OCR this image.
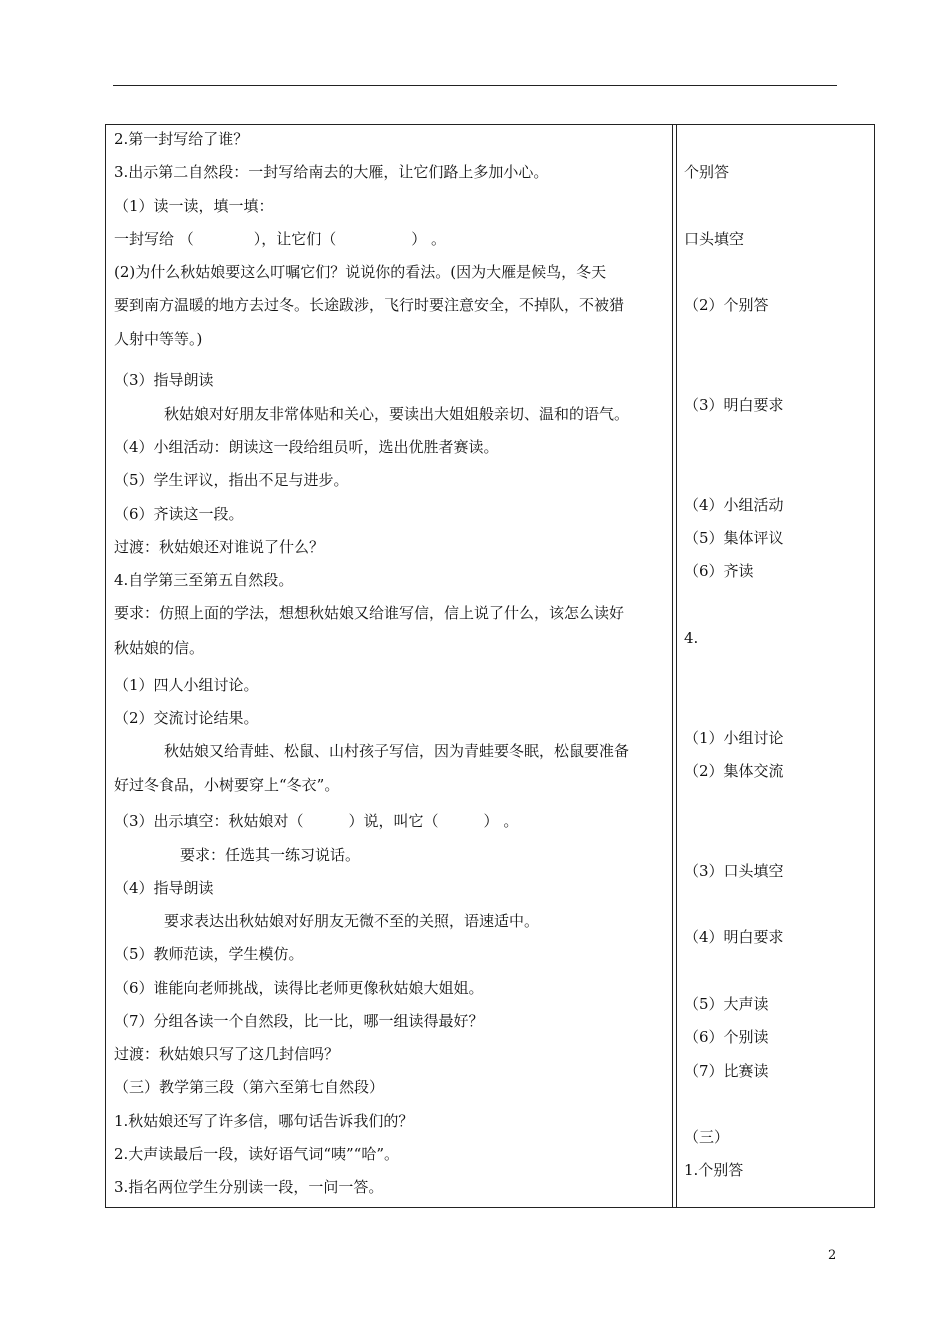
2.第一封写给了谁？
3.出示第二自然段：一封写给南去的大雁，让它们路上多加小心。
（1）读一读，填一填：
一封写给 （　　　　），让它们（　　　　　） 。
(2)为什么秋姑娘要这么叮嘱它们？说说你的看法。(因为大雁是候鸟，冬天
要到南方温暖的地方去过冬。长途跋涉，飞行时要注意安全，不掉队，不被猎
人射中等等。)
（3）指导朗读
秋姑娘对好朋友非常体贴和关心，要读出大姐姐般亲切、温和的语气。
（4）小组活动：朗读这一段给组员听，选出优胜者赛读。
（5）学生评议，指出不足与进步。
（6）齐读这一段。
过渡：秋姑娘还对谁说了什么？
4.自学第三至第五自然段。
要求：仿照上面的学法，想想秋姑娘又给谁写信，信上说了什么，该怎么读好
秋姑娘的信。
（1）四人小组讨论。
（2）交流讨论结果。
秋姑娘又给青蛙、松鼠、山村孩子写信，因为青蛙要冬眠，松鼠要准备
好过冬食品，小树要穿上“冬衣”。
（3）出示填空：秋姑娘对（　　　）说，叫它（　　　） 。
要求：任选其一练习说话。
（4）指导朗读
要求表达出秋姑娘对好朋友无微不至的关照，语速适中。
（5）教师范读，学生模仿。
（6）谁能向老师挑战，读得比老师更像秋姑娘大姐姐。
（7）分组各读一个自然段，比一比，哪一组读得最好？
过渡：秋姑娘只写了这几封信吗？
（三）教学第三段（第六至第七自然段）
1.秋姑娘还写了许多信，哪句话告诉我们的？
2.大声读最后一段，读好语气词“咦”“哈”。
3.指名两位学生分别读一段，一问一答。
个别答
口头填空
（2）个别答
（3）明白要求
（4）小组活动
（5）集体评议
（6）齐读
4.
（1）小组讨论
（2）集体交流
（3）口头填空
（4）明白要求
（5）大声读
（6）个别读
（7）比赛读
（三）
1.个别答
2
